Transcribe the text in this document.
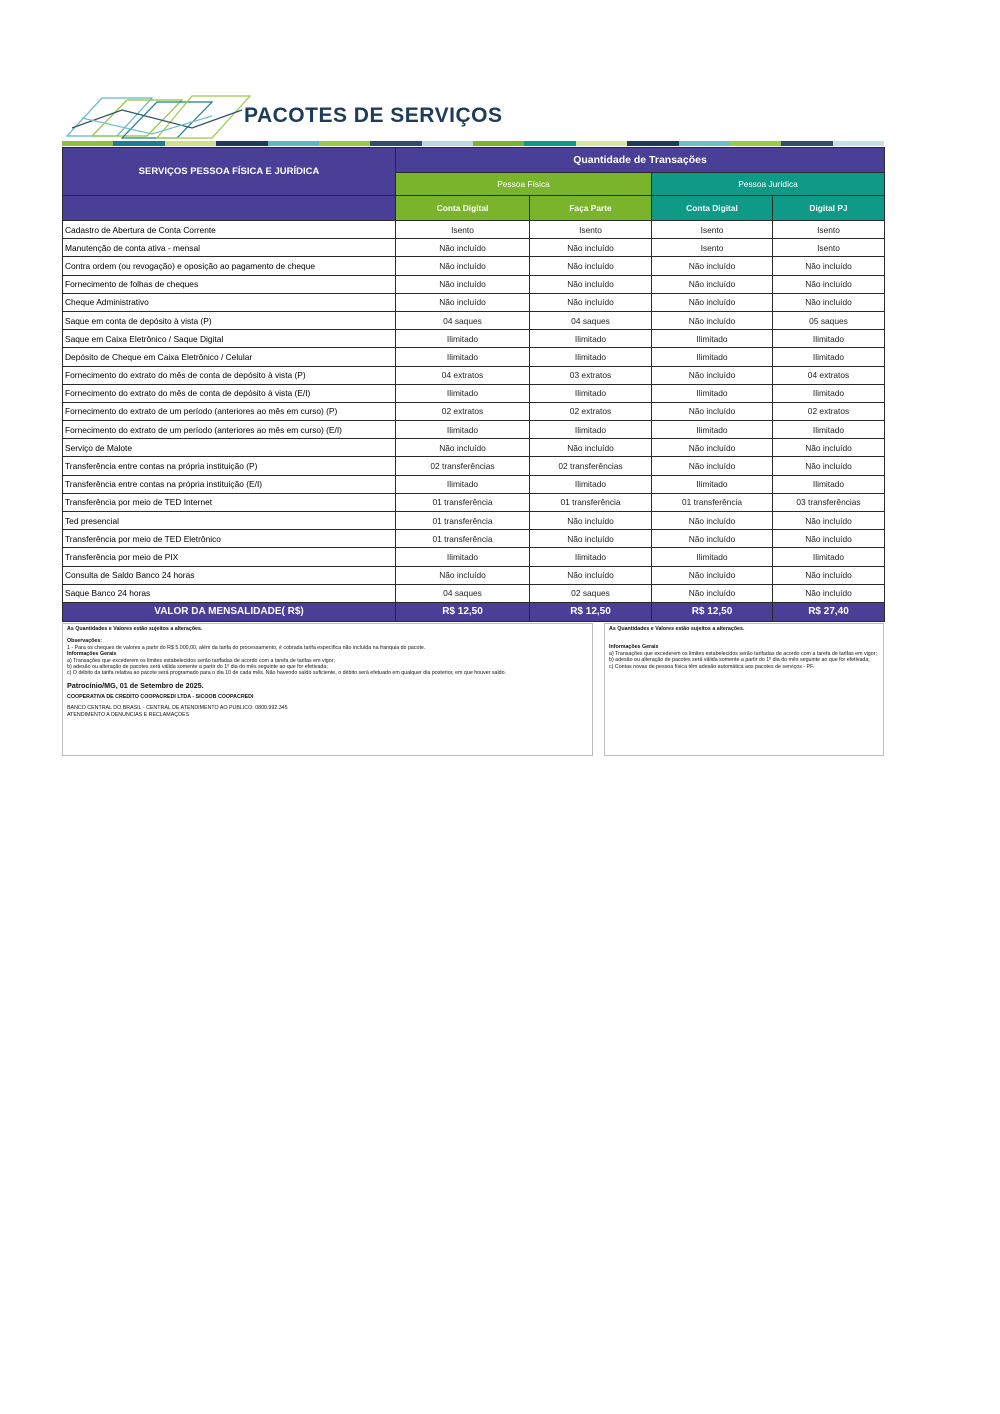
PACOTES DE SERVIÇOS
SERVIÇOS PESSOA FÍSICA E JURÍDICA	Quantidade de Transações			
	Pessoa Física		Pessoa Jurídica	
	Conta Digital	Faça Parte	Conta Digital	Digital PJ
Cadastro de Abertura de Conta Corrente	Isento	Isento	Isento	Isento
Manutenção de conta ativa - mensal	Não incluído	Não incluído	Isento	Isento
Contra ordem (ou revogação) e oposição ao pagamento de cheque	Não incluído	Não incluído	Não incluído	Não incluído
Fornecimento de folhas de cheques	Não incluído	Não incluído	Não incluído	Não incluído
Cheque Administrativo	Não incluído	Não incluído	Não incluído	Não incluído
Saque em conta de depósito à vista (P)	04 saques	04 saques	Não incluído	05 saques
Saque em Caixa Eletrônico / Saque Digital	Ilimitado	Ilimitado	Ilimitado	Ilimitado
Depósito de Cheque em Caixa Eletrônico / Celular	Ilimitado	Ilimitado	Ilimitado	Ilimitado
Fornecimento do extrato do mês de conta de depósito à vista (P)	04 extratos	03 extratos	Não incluído	04 extratos
Fornecimento do extrato do mês de conta de depósito à vista (E/I)	Ilimitado	Ilimitado	Ilimitado	Ilimitado
Fornecimento do extrato de um período (anteriores ao mês em curso) (P)	02 extratos	02 extratos	Não incluído	02 extratos
Fornecimento do extrato de um período (anteriores ao mês em curso) (E/I)	Ilimitado	Ilimitado	Ilimitado	Ilimitado
Serviço de Malote	Não incluído	Não incluído	Não incluído	Não incluído
Transferência entre contas na própria instituição (P)	02 transferências	02 transferências	Não incluído	Não incluído
Transferência entre contas na própria instituição (E/I)	Ilimitado	Ilimitado	Ilimitado	Ilimitado
Transferência por meio de TED Internet	01 transferência	01 transferência	01 transferência	03 transferências
Ted presencial	01 transferência	Não incluído	Não incluído	Não incluído
Transferência por meio de TED Eletrônico	01 transferência	Não incluído	Não incluído	Não incluído
Transferência por meio de PIX	Ilimitado	Ilimitado	Ilimitado	Ilimitado
Consulta de Saldo Banco 24 horas	Não incluído	Não incluído	Não incluído	Não incluído
Saque Banco 24 horas	04 saques	02 saques	Não incluído	Não incluído
VALOR DA MENSALIDADE( R$)	R$ 12,50	R$ 12,50	R$ 12,50	R$ 27,40
As Quantidades e Valores estão sujeitos a alterações.
Observações:
1 - Para os cheques de valores a partir do R$ 5.000,00, além da tarifa do processamento, é cobrada tarifa específica não incluída na franquia do pacote.
Informações Gerais
a) Transações que excederem os limites estabelecidos serão tarifadas de acordo com a tarefa de tarifas em vigor;
b) adesão ou alteração de pacotes será válida somente a partir do 1º dia do mês seguinte ao que for efetivada;
c) O débito da tarifa relativa ao pacote será programado para o dia 10 de cada mês. Não havendo saldo suficiente, o débito será efetuado em qualquer dia posterior, em que houver saldo.
Patrocínio/MG, 01 de Setembro de 2025.
COOPERATIVA DE CRÉDITO COOPACREDI LTDA - SICOOB COOPACREDI
BANCO CENTRAL DO BRASIL - CENTRAL DE ATENDIMENTO AO PÚBLICO: 0800.992.345
ATENDIMENTO A DENÚNCIAS E RECLAMAÇÕES
As Quantidades e Valores estão sujeitos a alterações.
Informações Gerais
a) Transações que excederem os limites estabelecidos serão tarifadas de acordo com a tarefa de tarifas em vigor;
b) adesão ou alteração de pacotes será válida somente a partir do 1º dia do mês seguinte ao que for efetivada;
c) Contas novas de pessoa física têm adesão automática aos pacotes de serviços - PF.
